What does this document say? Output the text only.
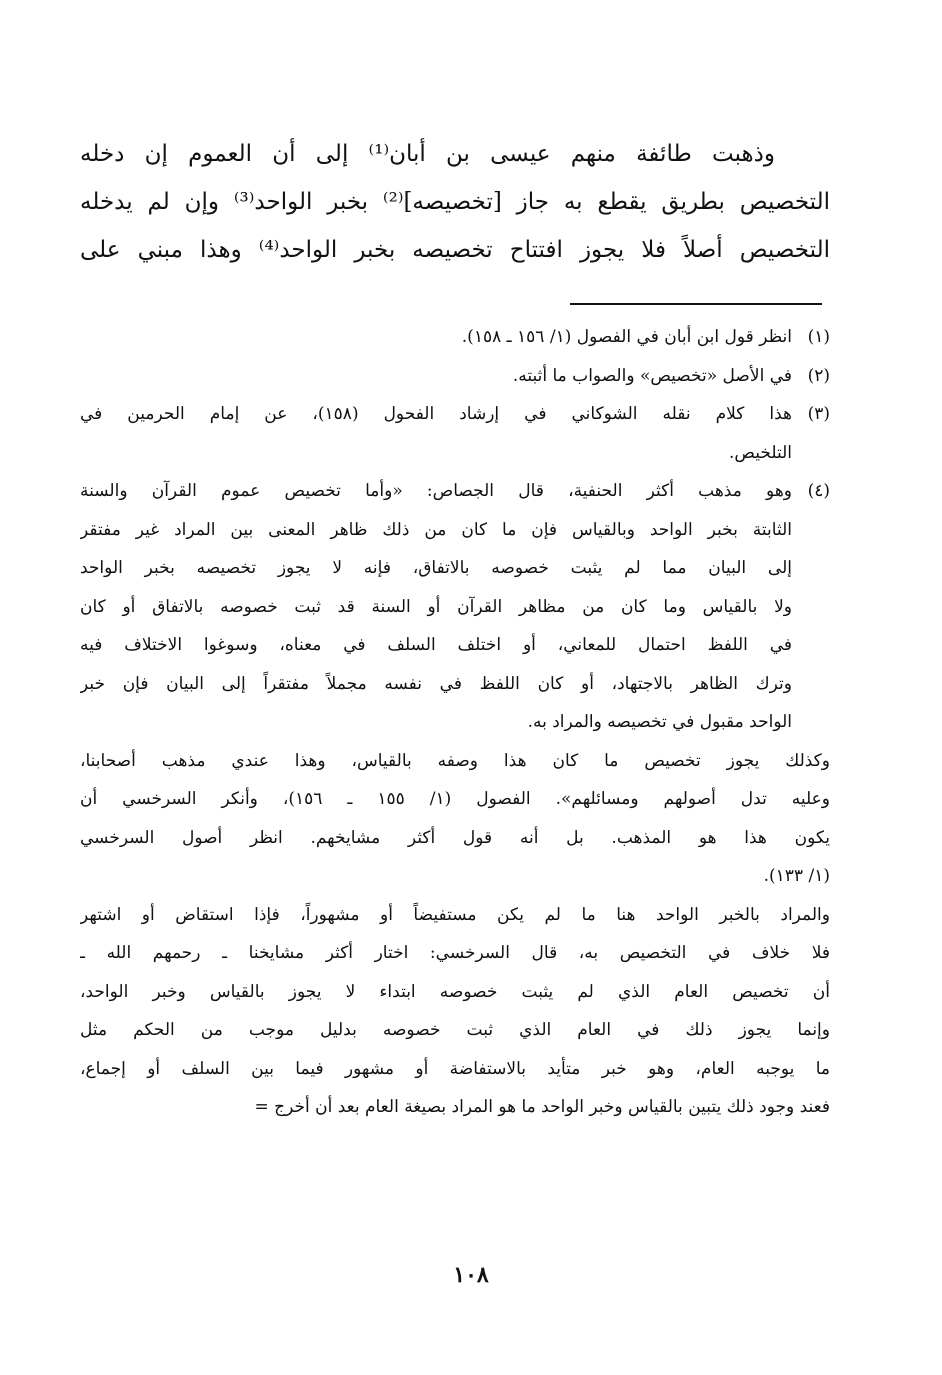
وذهبت طائفة منهم عيسى بن أبان⁽¹⁾ إلى أن العموم إن دخله
التخصيص بطريق يقطع به جاز [تخصيصه]⁽²⁾ بخبر الواحد⁽³⁾ وإن لم يدخله
التخصيص أصلاً فلا يجوز افتتاح تخصيصه بخبر الواحد⁽⁴⁾ وهذا مبني على
(١)
انظر قول ابن أبان في الفصول (١/ ١٥٦ ـ ١٥٨).
(٢)
في الأصل «تخصيص» والصواب ما أثبته.
(٣)
هذا كلام نقله الشوكاني في إرشاد الفحول (١٥٨)، عن إمام الحرمين في
التلخيص.
(٤)
وهو مذهب أكثر الحنفية، قال الجصاص: «وأما تخصيص عموم القرآن والسنة
الثابتة بخبر الواحد وبالقياس فإن ما كان من ذلك ظاهر المعنى بين المراد غير مفتقر
إلى البيان مما لم يثبت خصوصه بالاتفاق، فإنه لا يجوز تخصيصه بخبر الواحد
ولا بالقياس وما كان من مظاهر القرآن أو السنة قد ثبت خصوصه بالاتفاق أو كان
في اللفظ احتمال للمعاني، أو اختلف السلف في معناه، وسوغوا الاختلاف فيه
وترك الظاهر بالاجتهاد، أو كان اللفظ في نفسه مجملاً مفتقراً إلى البيان فإن خبر
الواحد مقبول في تخصيصه والمراد به.
وكذلك يجوز تخصيص ما كان هذا وصفه بالقياس، وهذا عندي مذهب أصحابنا،
وعليه تدل أصولهم ومسائلهم». الفصول (١/ ١٥٥ ـ ١٥٦)، وأنكر السرخسي أن
يكون هذا هو المذهب. بل أنه قول أكثر مشايخهم. انظر أصول السرخسي
(١/ ١٣٣).
والمراد بالخبر الواحد هنا ما لم يكن مستفيضاً أو مشهوراً، فإذا استقاض أو اشتهر
فلا خلاف في التخصيص به، قال السرخسي: اختار أكثر مشايخنا ـ رحمهم الله ـ
أن تخصيص العام الذي لم يثبت خصوصه ابتداء لا يجوز بالقياس وخبر الواحد،
وإنما يجوز ذلك في العام الذي ثبت خصوصه بدليل موجب من الحكم مثل
ما يوجبه العام، وهو خبر متأيد بالاستفاضة أو مشهور فيما بين السلف أو إجماع،
فعند وجود ذلك يتبين بالقياس وخبر الواحد ما هو المراد بصيغة العام بعد أن أخرج =
١٠٨
